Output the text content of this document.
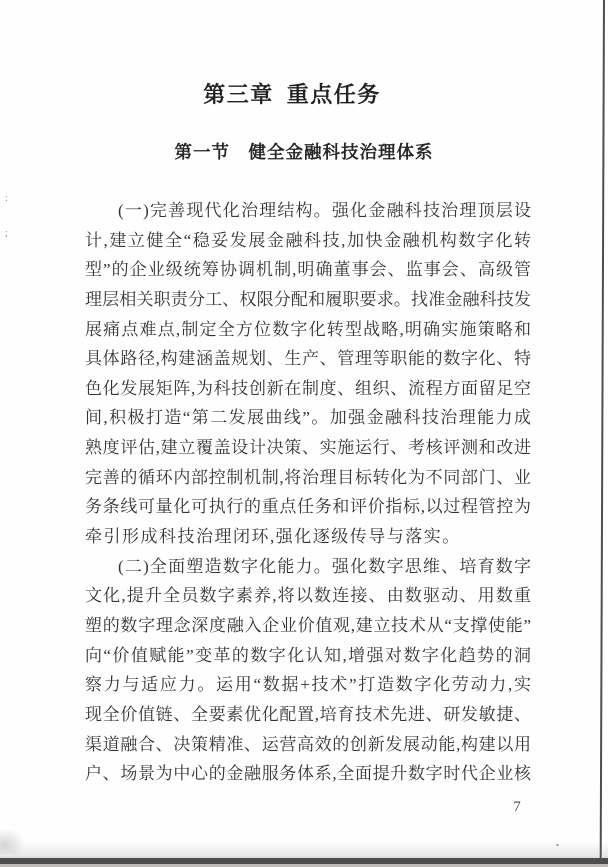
第三章 重点任务
第一节　健全金融科技治理体系
(一)完善现代化治理结构。强化金融科技治理顶层设
计,建立健全“稳妥发展金融科技,加快金融机构数字化转
型”的企业级统筹协调机制,明确董事会、监事会、高级管
理层相关职责分工、权限分配和履职要求。找准金融科技发
展痛点难点,制定全方位数字化转型战略,明确实施策略和
具体路径,构建涵盖规划、生产、管理等职能的数字化、特
色化发展矩阵,为科技创新在制度、组织、流程方面留足空
间,积极打造“第二发展曲线”。加强金融科技治理能力成
熟度评估,建立覆盖设计决策、实施运行、考核评测和改进
完善的循环内部控制机制,将治理目标转化为不同部门、业
务条线可量化可执行的重点任务和评价指标,以过程管控为
牵引形成科技治理闭环,强化逐级传导与落实。
(二)全面塑造数字化能力。强化数字思维、培育数字
文化,提升全员数字素养,将以数连接、由数驱动、用数重
塑的数字理念深度融入企业价值观,建立技术从“支撑使能”
向“价值赋能”变革的数字化认知,增强对数字化趋势的洞
察力与适应力。运用“数据+技术”打造数字化劳动力,实
现全价值链、全要素优化配置,培育技术先进、研发敏捷、
渠道融合、决策精准、运营高效的创新发展动能,构建以用
户、场景为中心的金融服务体系,全面提升数字时代企业核
7
:
;
